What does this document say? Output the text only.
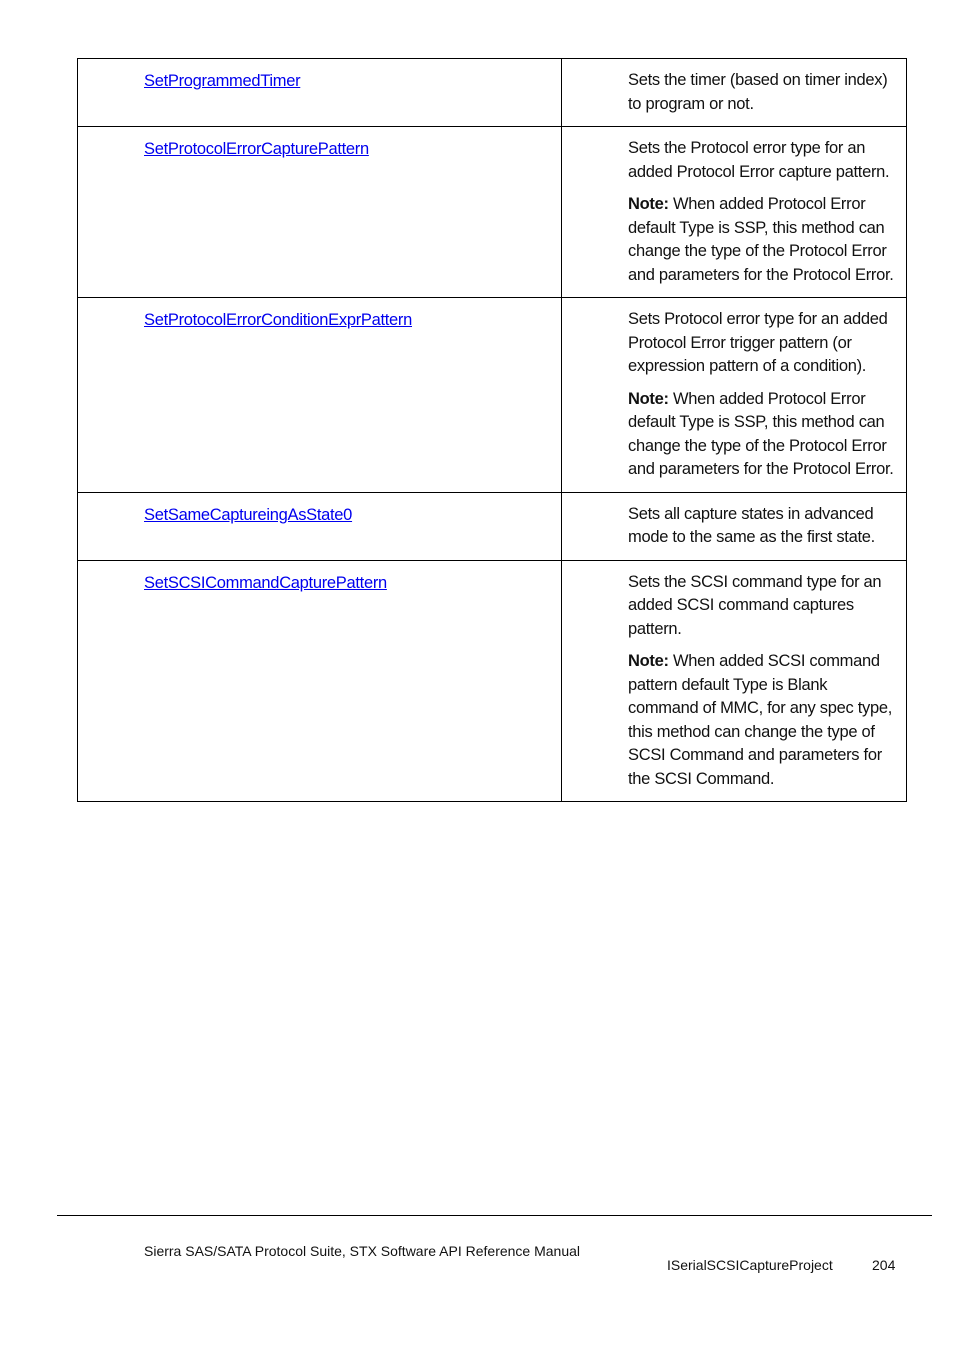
SetProgrammedTimer	Sets the timer (based on timer index) to program or not.

SetProtocolErrorCapturePattern	Sets the Protocol error type for an added Protocol Error capture pattern.

Note: When added Protocol Error default Type is SSP, this method can change the type of the Protocol Error and parameters for the Protocol Error.

SetProtocolErrorConditionExprPattern	Sets Protocol error type for an added Protocol Error trigger pattern (or expression pattern of a condition).

Note: When added Protocol Error default Type is SSP, this method can change the type of the Protocol Error and parameters for the Protocol Error.

SetSameCaptureingAsState0	Sets all capture states in advanced mode to the same as the first state.

SetSCSICommandCapturePattern	Sets the SCSI command type for an added SCSI command captures pattern.

Note: When added SCSI command pattern default Type is Blank command of MMC, for any spec type, this method can change the type of SCSI Command and parameters for the SCSI Command.

Sierra SAS/SATA Protocol Suite, STX Software API Reference Manual
ISerialSCSICaptureProject	204
